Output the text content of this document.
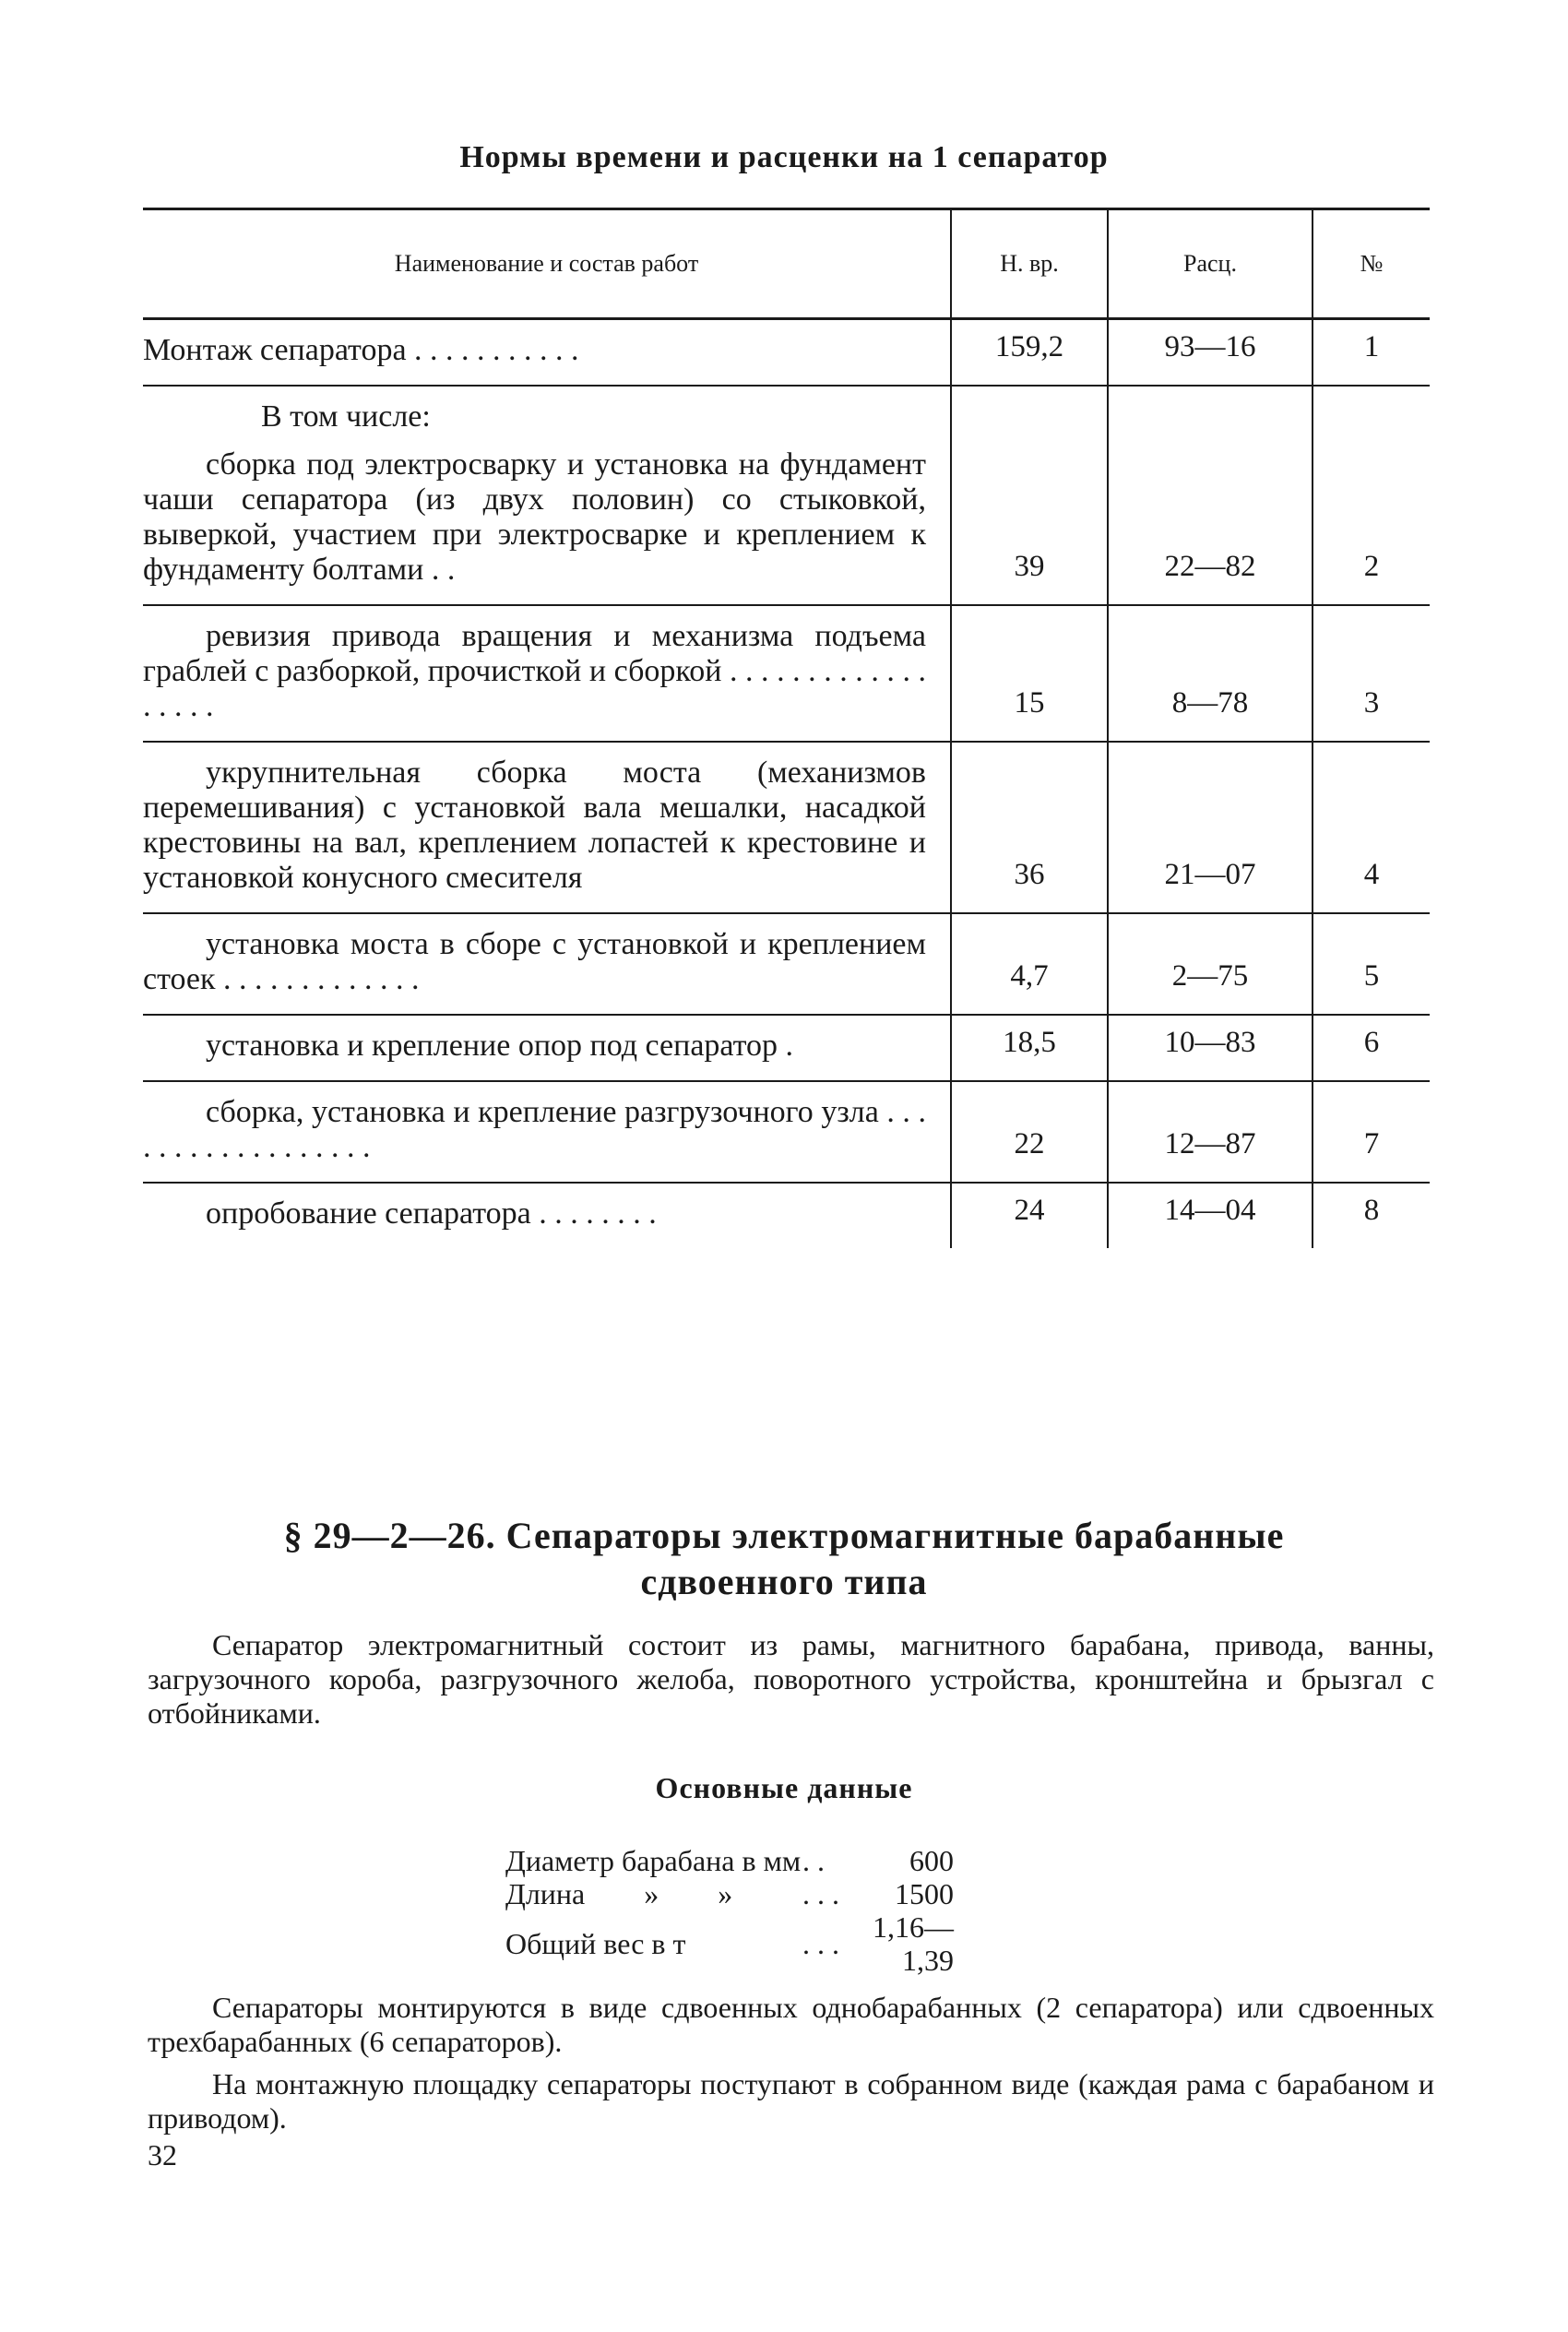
Нормы времени и расценки на 1 сепаратор
Наименование и состав работ	Н. вр.	Расц.	№
Монтаж сепаратора . . . . . . . . . . .	159,2	93—16	1

В том числе:
сборка под электросварку и установка на фундамент чаши сепаратора (из двух половин) со стыковкой, выверкой, участием при электросварке и креплением к фундаменту болтами . .	39	22—82	2

ревизия привода вращения и механизма подъема граблей с разборкой, прочисткой и сборкой . . . . . . . . . . . . . . . . . .	15	8—78	3

укрупнительная сборка моста (механизмов перемешивания) с установкой вала мешалки, насадкой крестовины на вал, креплением лопастей к крестовине и установкой конусного смесителя	36	21—07	4

установка моста в сборе с установкой и креплением стоек . . . . . . . . . . . . .	4,7	2—75	5

установка и крепление опор под сепаратор .	18,5	10—83	6

сборка, установка и крепление разгрузочного узла . . . . . . . . . . . . . . . . . .	22	12—87	7

опробование сепаратора . . . . . . . .	24	14—04	8
§ 29—2—26. Сепараторы электромагнитные барабанные
сдвоенного типа

Сепаратор электромагнитный состоит из рамы, магнитного барабана, привода, ванны, загрузочного короба, разгрузочного желоба, поворотного устройства, кронштейна и брызгал с отбойниками.

Основные данные
Диаметр барабана в мм	. .	600
Длина        »        »	. . .	1500
Общий вес в т	. . .	1,16—1,39

Сепараторы монтируются в виде сдвоенных однобарабанных (2 сепаратора) или сдвоенных трехбарабанных (6 сепараторов).

На монтажную площадку сепараторы поступают в собранном виде (каждая рама с барабаном и приводом).

32
